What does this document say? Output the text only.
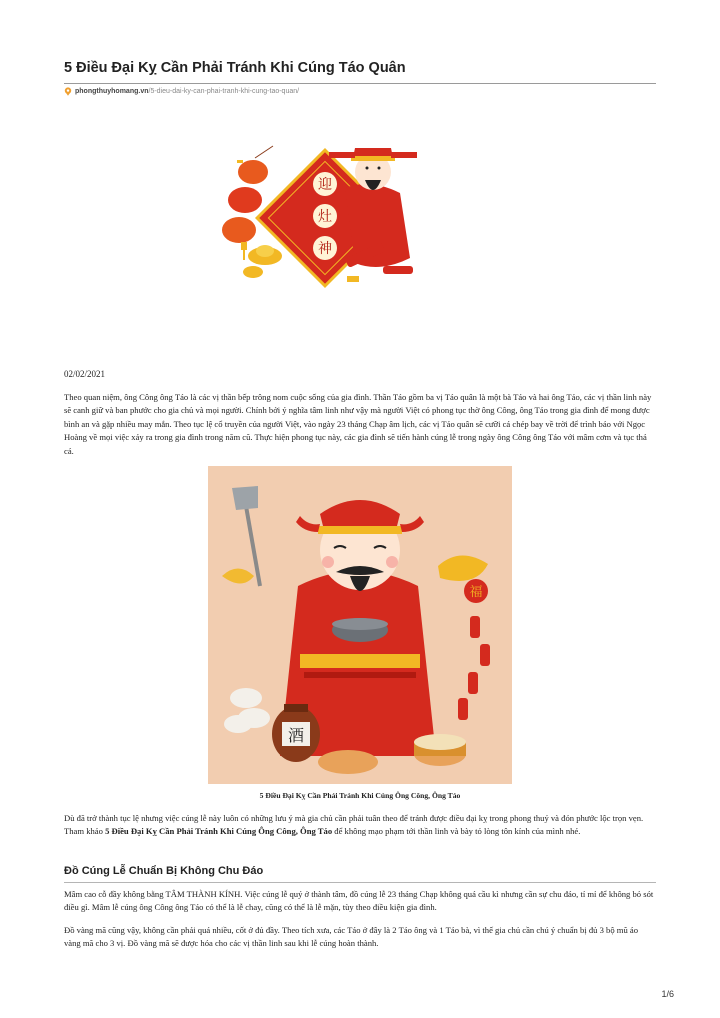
5 Điều Đại Kỵ Cần Phải Tránh Khi Cúng Táo Quân
phongthuyhomang.vn/5-dieu-dai-ky-can-phai-tranh-khi-cung-tao-quan/
迎
灶
神
02/02/2021

Theo quan niệm, ông Công ông Táo là các vị thần bếp trông nom cuộc sống của gia đình. Thần Táo gồm ba vị Táo quân là một bà Táo và hai ông Táo, các vị thần linh này sẽ canh giữ và ban phước cho gia chủ và mọi người. Chính bởi ý nghĩa tâm linh như vậy mà người Việt có phong tục thờ ông Công, ông Táo trong gia đình để mong được bình an và gặp nhiều may mắn. Theo tục lệ cổ truyền của người Việt, vào ngày 23 tháng Chạp âm lịch, các vị Táo quân sẽ cưỡi cá chép bay về trời để trình báo với Ngọc Hoàng về mọi việc xảy ra trong gia đình trong năm cũ. Thực hiện phong tục này, các gia đình sẽ tiến hành cúng lễ trong ngày ông Công ông Táo với mâm cơm và tục thả cá.

福
酒
5 Điều Đại Kỵ Cần Phải Tránh Khi Cúng Ông Công, Ông Táo

Dù đã trở thành tục lệ nhưng việc cúng lễ này luôn có những lưu ý mà gia chủ cần phải tuân theo để tránh được điều đại kỵ trong phong thuỷ và đón phước lộc trọn vẹn. Tham khảo 5 Điều Đại Kỵ Cần Phải Tránh Khi Cúng Ông Công, Ông Táo để không mạo phạm tới thần linh và bày tỏ lòng tôn kính của mình nhé.

Đồ Cúng Lễ Chuẩn Bị Không Chu Đáo

Mâm cao cỗ đầy không bằng TÂM THÀNH KÍNH. Việc cúng lễ quý ở thành tâm, đồ cúng lễ 23 tháng Chạp không quá cầu kì nhưng cần sự chu đáo, tỉ mỉ để không bỏ sót điều gì. Mâm lễ cúng ông Công ông Táo có thể là lễ chay, cũng có thể là lễ mặn, tùy theo điều kiện gia đình.

Đồ vàng mã cũng vậy, không cần phải quá nhiều, cốt ở đủ đầy. Theo tích xưa, các Táo ở đây là 2 Táo ông và 1 Táo bà, vì thế gia chủ cần chú ý chuẩn bị đủ 3 bộ mũ áo vàng mã cho 3 vị. Đồ vàng mã sẽ được hóa cho các vị thần linh sau khi lễ cúng hoàn thành.

1/6
